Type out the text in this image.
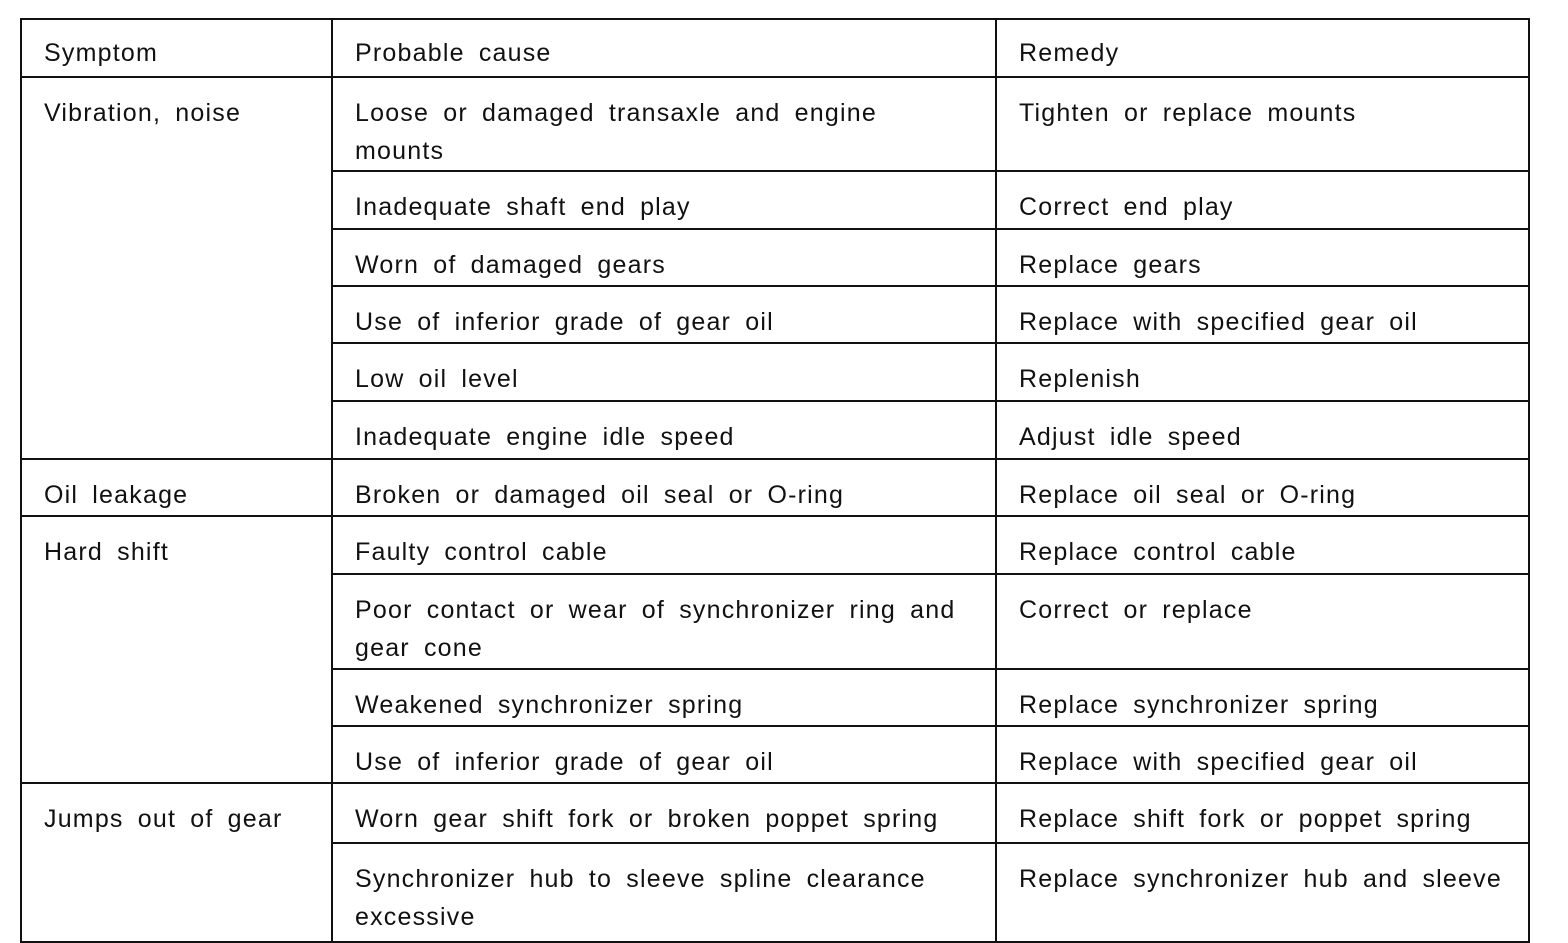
Symptom	Probable cause	Remedy
Vibration, noise	Loose or damaged transaxle and engine mounts	Tighten or replace mounts
	Inadequate shaft end play	Correct end play
	Worn of damaged gears	Replace gears
	Use of inferior grade of gear oil	Replace with specified gear oil
	Low oil level	Replenish
	Inadequate engine idle speed	Adjust idle speed
Oil leakage	Broken or damaged oil seal or O-ring	Replace oil seal or O-ring
Hard shift	Faulty control cable	Replace control cable
	Poor contact or wear of synchronizer ring and gear cone	Correct or replace
	Weakened synchronizer spring	Replace synchronizer spring
	Use of inferior grade of gear oil	Replace with specified gear oil
Jumps out of gear	Worn gear shift fork or broken poppet spring	Replace shift fork or poppet spring
	Synchronizer hub to sleeve spline clearance excessive	Replace synchronizer hub and sleeve
